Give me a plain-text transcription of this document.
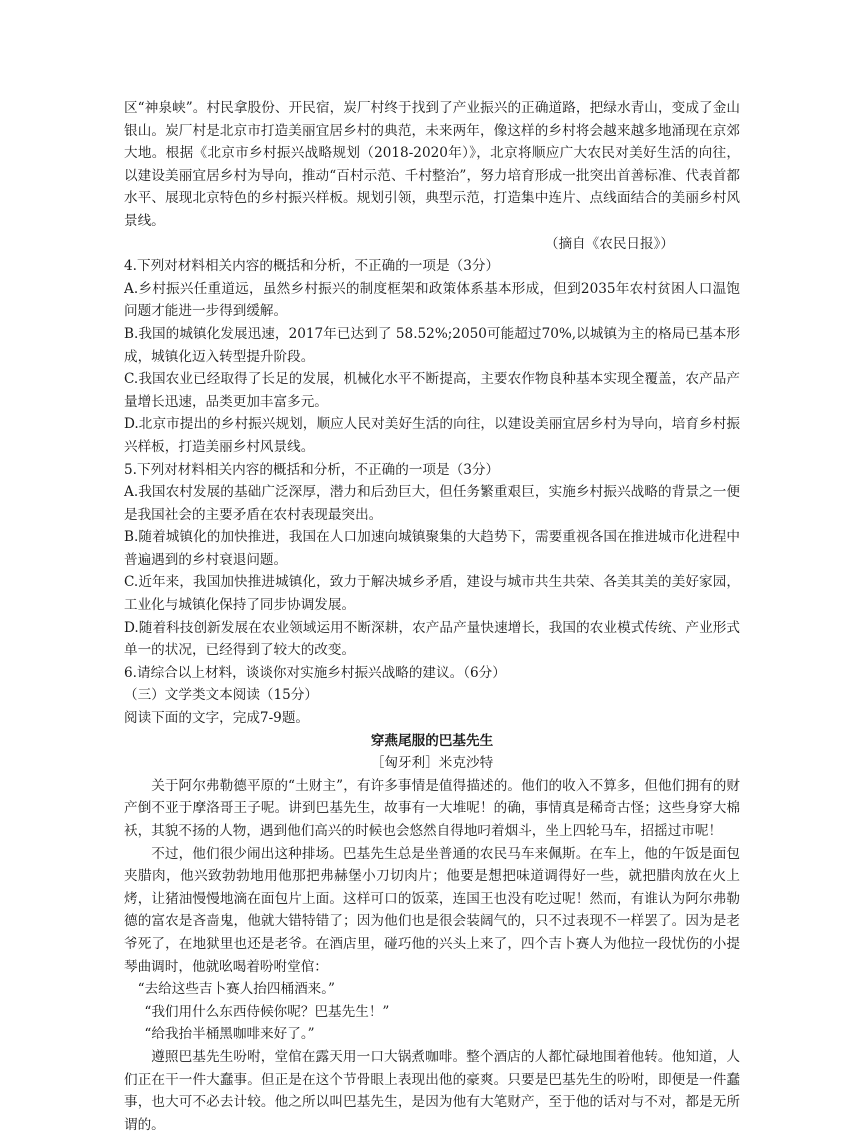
区“神泉峡”。村民拿股份、开民宿，炭厂村终于找到了产业振兴的正确道路，把绿水青山，变成了金山银山。炭厂村是北京市打造美丽宜居乡村的典范，未来两年，像这样的乡村将会越来越多地涌现在京郊大地。根据《北京市乡村振兴战略规划（2018-2020年）》，北京将顺应广大农民对美好生活的向往，以建设美丽宜居乡村为导向，推动“百村示范、千村整治”，努力培育形成一批突出首善标准、代表首都水平、展现北京特色的乡村振兴样板。规划引领，典型示范，打造集中连片、点线面结合的美丽乡村风景线。

（摘自《农民日报》）

4.下列对材料相关内容的概括和分析，不正确的一项是（3分）

A.乡村振兴任重道远，虽然乡村振兴的制度框架和政策体系基本形成，但到2035年农村贫困人口温饱问题才能进一步得到缓解。

B.我国的城镇化发展迅速，2017年已达到了 58.52%;2050可能超过70%,以城镇为主的格局已基本形成，城镇化迈入转型提升阶段。

C.我国农业已经取得了长足的发展，机械化水平不断提高，主要农作物良种基本实现全覆盖，农产品产量增长迅速，品类更加丰富多元。

D.北京市提出的乡村振兴规划，顺应人民对美好生活的向往，以建设美丽宜居乡村为导向，培育乡村振兴样板，打造美丽乡村风景线。

5.下列对材料相关内容的概括和分析，不正确的一项是（3分）

A.我国农村发展的基础广泛深厚，潜力和后劲巨大，但任务繁重艰巨，实施乡村振兴战略的背景之一便是我国社会的主要矛盾在农村表现最突出。

B.随着城镇化的加快推进，我国在人口加速向城镇聚集的大趋势下，需要重视各国在推进城市化进程中普遍遇到的乡村衰退问题。

C.近年来，我国加快推进城镇化，致力于解决城乡矛盾，建设与城市共生共荣、各美其美的美好家园，工业化与城镇化保持了同步协调发展。

D.随着科技创新发展在农业领域运用不断深耕，农产品产量快速增长，我国的农业模式传统、产业形式单一的状况，已经得到了较大的改变。

6.请综合以上材料，谈谈你对实施乡村振兴战略的建议。（6分）

（三）文学类文本阅读（15分）

阅读下面的文字，完成7-9题。

穿燕尾服的巴基先生

［匈牙利］米克沙特

关于阿尔弗勒德平原的“土财主”，有许多事情是值得描述的。他们的收入不算多，但他们拥有的财产倒不亚于摩洛哥王子呢。讲到巴基先生，故事有一大堆呢！的确，事情真是稀奇古怪；这些身穿大棉袄，其貌不扬的人物，遇到他们高兴的时候也会悠然自得地叼着烟斗，坐上四轮马车，招摇过市呢！

不过，他们很少闹出这种排场。巴基先生总是坐普通的农民马车来佩斯。在车上，他的午饭是面包夹腊肉，他兴致勃勃地用他那把弗赫堡小刀切肉片；他要是想把味道调得好一些，就把腊肉放在火上烤，让猪油慢慢地滴在面包片上面。这样可口的饭菜，连国王也没有吃过呢！然而，有谁认为阿尔弗勒德的富农是吝啬鬼，他就大错特错了；因为他们也是很会装阔气的，只不过表现不一样罢了。因为是老爷死了，在地狱里也还是老爷。在酒店里，碰巧他的兴头上来了，四个吉卜赛人为他拉一段忧伤的小提琴曲调时，他就吆喝着吩咐堂倌：

“去给这些吉卜赛人抬四桶酒来。”

“我们用什么东西侍候你呢？巴基先生！”

“给我抬半桶黑咖啡来好了。”

遵照巴基先生吩咐，堂倌在露天用一口大锅煮咖啡。整个酒店的人都忙碌地围着他转。他知道，人们正在干一件大蠢事。但正是在这个节骨眼上表现出他的豪爽。只要是巴基先生的吩咐，即便是一件蠢事，也大可不必去计较。他之所以叫巴基先生，是因为他有大笔财产，至于他的话对与不对，都是无所谓的。
